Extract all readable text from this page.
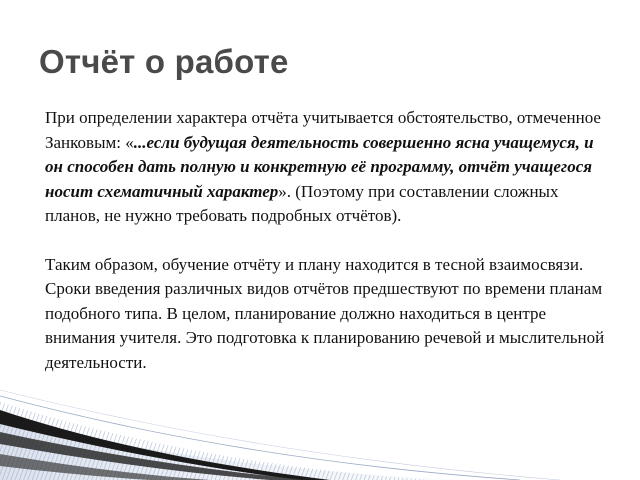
Отчёт о работе

При определении характера отчёта учитывается обстоятельство, отмеченное Занковым: «...если будущая деятельность совершенно ясна учащемуся, и он способен дать полную и конкретную её программу, отчёт учащегося носит схематичный характер». (Поэтому при составлении сложных планов, не нужно требовать подробных отчётов).

Таким образом, обучение отчёту и плану находится в тесной взаимосвязи. Сроки введения различных видов отчётов предшествуют по времени планам подобного типа. В целом, планирование должно находиться в центре внимания учителя. Это подготовка к планированию речевой и мыслительной деятельности.
